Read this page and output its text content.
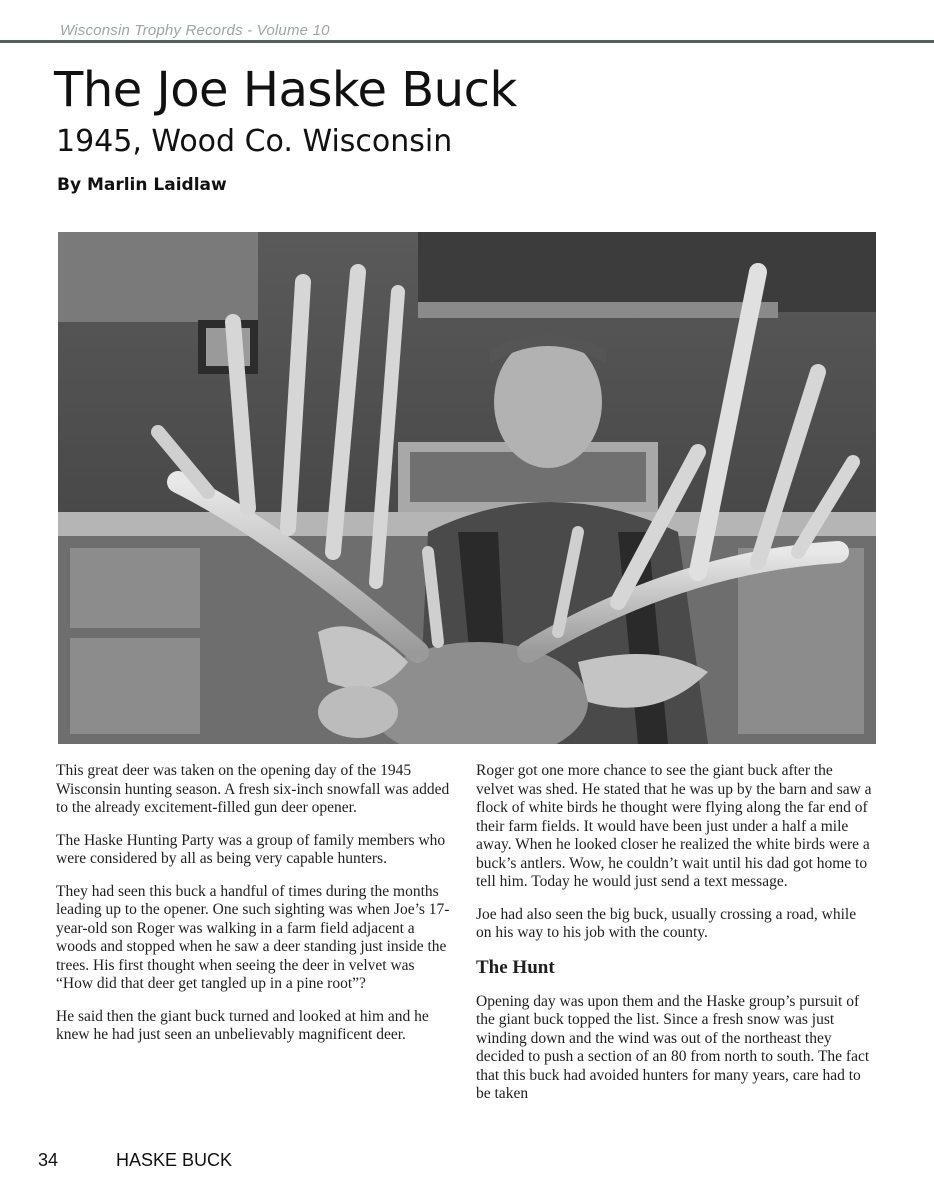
Wisconsin Trophy Records - Volume 10

The Joe Haske Buck
1945, Wood Co. Wisconsin

By Marlin Laidlaw

This great deer was taken on the opening day of the 1945 Wisconsin hunting season. A fresh six-inch snowfall was added to the already excitement-filled gun deer opener.

The Haske Hunting Party was a group of family members who were considered by all as being very capable hunters.

They had seen this buck a handful of times during the months leading up to the opener. One such sighting was when Joe’s 17-year-old son Roger was walking in a farm field adjacent a woods and stopped when he saw a deer standing just inside the trees. His first thought when seeing the deer in velvet was “How did that deer get tangled up in a pine root”?

He said then the giant buck turned and looked at him and he knew he had just seen an unbelievably magnificent deer.

Roger got one more chance to see the giant buck after the velvet was shed. He stated that he was up by the barn and saw a flock of white birds he thought were flying along the far end of their farm fields. It would have been just under a half a mile away. When he looked closer he realized the white birds were a buck’s antlers. Wow, he couldn’t wait until his dad got home to tell him. Today he would just send a text message.

Joe had also seen the big buck, usually crossing a road, while on his way to his job with the county.

The Hunt

Opening day was upon them and the Haske group’s pursuit of the giant buck topped the list. Since a fresh snow was just winding down and the wind was out of the northeast they decided to push a section of an 80 from north to south. The fact that this buck had avoided hunters for many years, care had to be taken

34	HASKE BUCK
